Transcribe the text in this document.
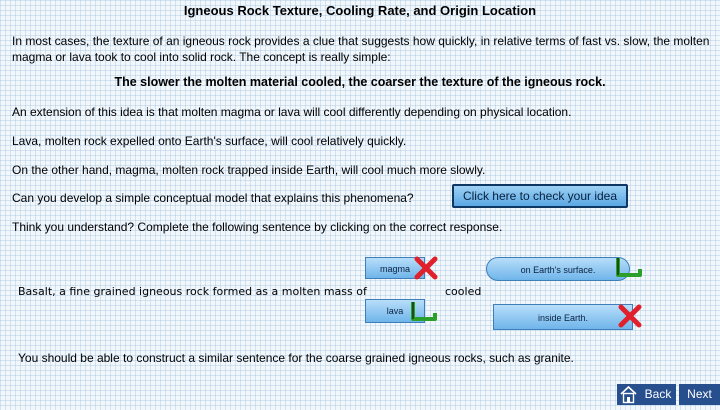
Igneous Rock Texture, Cooling Rate, and Origin Location
In most cases, the texture of an igneous rock provides a clue that suggests how quickly, in relative terms of fast vs. slow, the molten
magma or lava took to cool into solid rock. The concept is really simple:
The slower the molten material cooled, the coarser the texture of the igneous rock.
An extension of this idea is that molten magma or lava will cool differently depending on physical location.
Lava, molten rock expelled onto Earth's surface, will cool relatively quickly.
On the other hand, magma, molten rock trapped inside Earth, will cool much more slowly.
Can you develop a simple conceptual model that explains this phenomena?	Click here to check your idea
Think you understand? Complete the following sentence by clicking on the correct response.
Basalt, a fine grained igneous rock formed as a molten mass of	cooled
magma	on Earth's surface.
lava
inside Earth.
You should be able to construct a similar sentence for the coarse grained igneous rocks, such as granite.
Back	Next
